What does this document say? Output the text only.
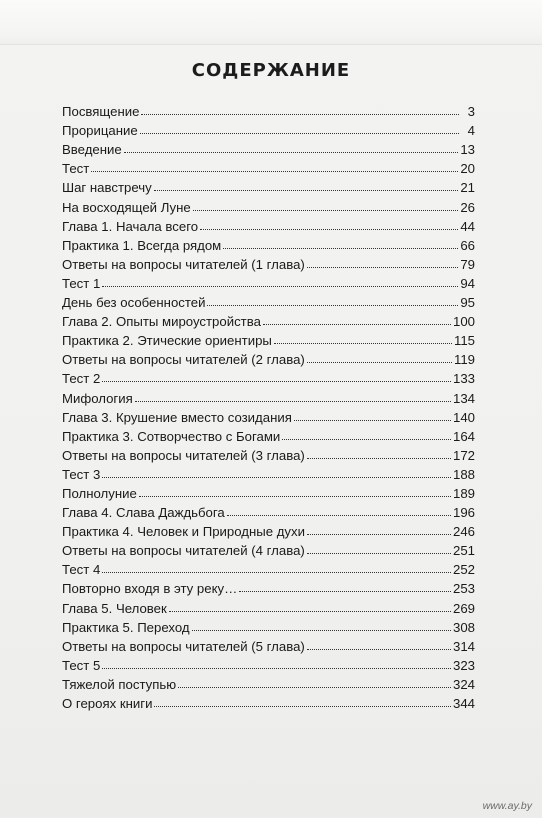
СОДЕРЖАНИЕ
Посвящение	3
Прорицание	4
Введение	13
Тест	20
Шаг навстречу	21
На восходящей Луне	26
Глава 1. Начала всего	44
Практика 1. Всегда рядом	66
Ответы на вопросы читателей (1 глава)	79
Тест 1	94
День без особенностей	95
Глава 2. Опыты мироустройства	100
Практика 2. Этические ориентиры	115
Ответы на вопросы читателей (2 глава)	119
Тест 2	133
Мифология	134
Глава 3. Крушение вместо созидания	140
Практика 3. Сотворчество с Богами	164
Ответы на вопросы читателей (3 глава)	172
Тест 3	188
Полнолуние	189
Глава 4. Слава Даждьбога	196
Практика 4. Человек и Природные духи	246
Ответы на вопросы читателей (4 глава)	251
Тест 4	252
Повторно входя в эту реку…	253
Глава 5. Человек	269
Практика 5. Переход	308
Ответы на вопросы читателей (5 глава)	314
Тест 5	323
Тяжелой поступью	324
О героях книги	344
www.ay.by
